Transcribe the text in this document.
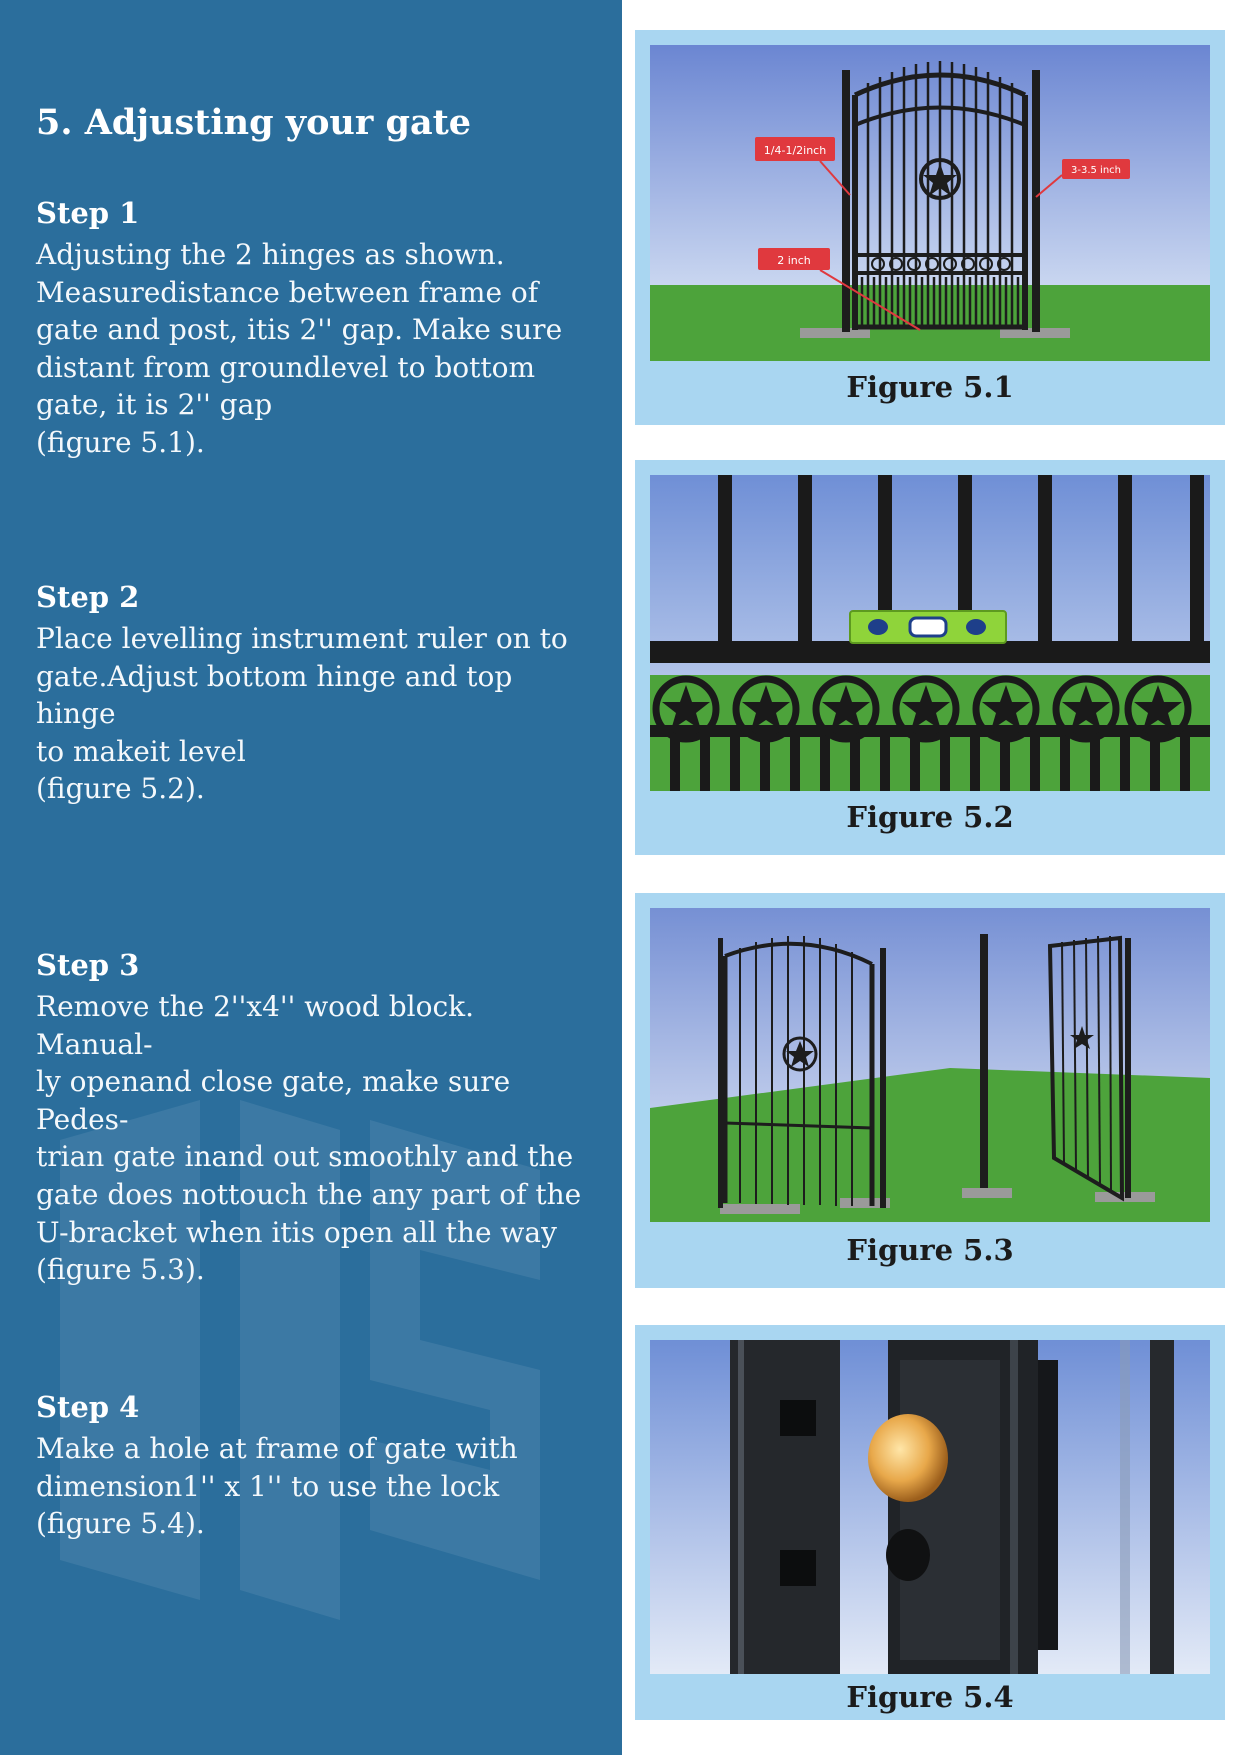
5. Adjusting your gate

Step 1

Adjusting the 2 hinges as shown.
Measuredistance between frame of
gate and post, itis 2'' gap. Make sure
distant from groundlevel to bottom
gate, it is 2'' gap
(figure 5.1).

Step 2

Place levelling instrument ruler on to
gate.Adjust bottom hinge and top hinge
to makeit level
(figure 5.2).

Step 3

Remove the 2''x4'' wood block. Manual-
ly openand close gate, make sure Pedes-
trian gate inand out smoothly and the
gate does nottouch the any part of the
U-bracket when itis open all the way
(figure 5.3).

Step 4

Make a hole at frame of gate with
dimension1'' x 1'' to use the lock
(figure 5.4).

1/4-1/2inch
3-3.5 inch
2 inch
Figure 5.1
Figure 5.2
Figure 5.3
Figure 5.4
